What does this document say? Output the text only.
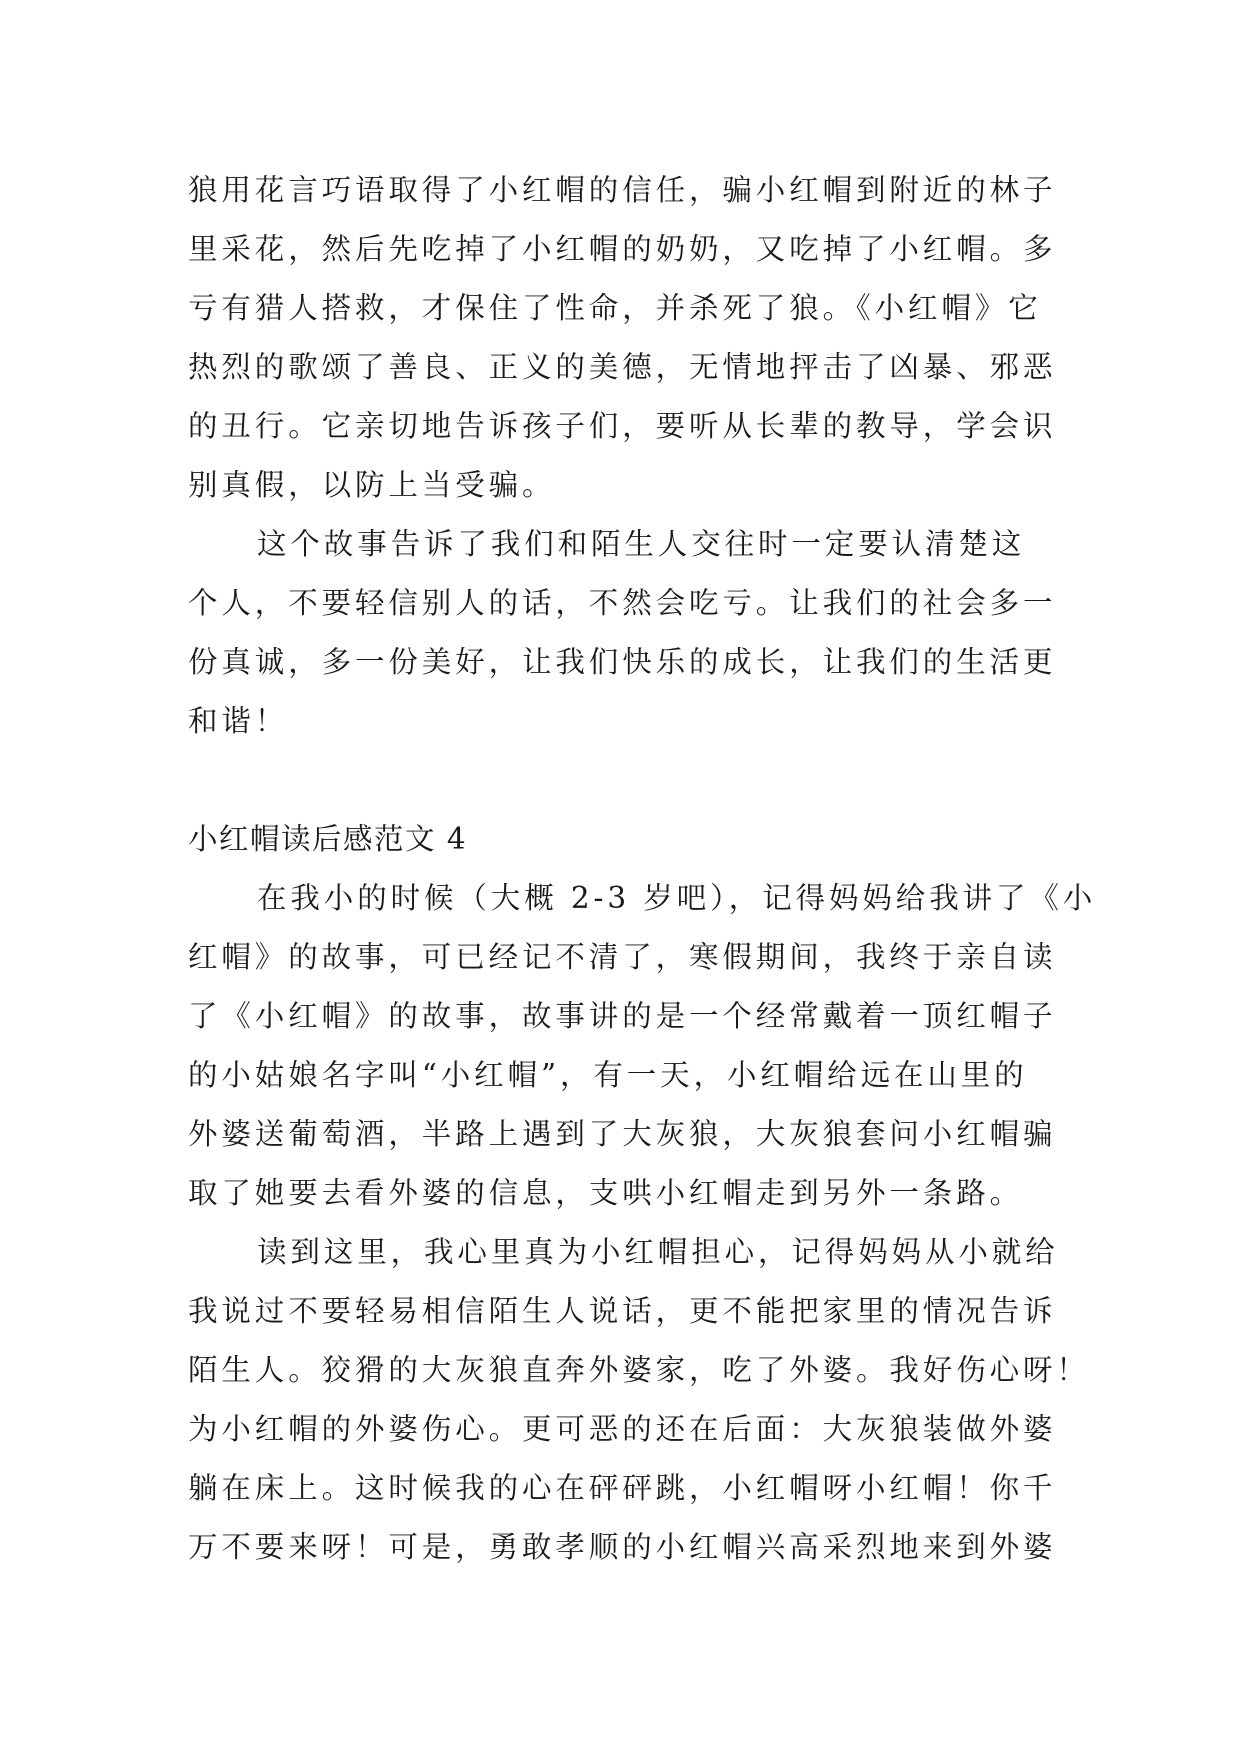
狼用花言巧语取得了小红帽的信任，骗小红帽到附近的林子
里采花，然后先吃掉了小红帽的奶奶，又吃掉了小红帽。多
亏有猎人搭救，才保住了性命，并杀死了狼。《小红帽》它
热烈的歌颂了善良、正义的美德，无情地抨击了凶暴、邪恶
的丑行。它亲切地告诉孩子们，要听从长辈的教导，学会识
别真假，以防上当受骗。
这个故事告诉了我们和陌生人交往时一定要认清楚这
个人，不要轻信别人的话，不然会吃亏。让我们的社会多一
份真诚，多一份美好，让我们快乐的成长，让我们的生活更
和谐！
小红帽读后感范文 4
在我小的时候（大概 2-3 岁吧），记得妈妈给我讲了《小
红帽》的故事，可已经记不清了，寒假期间，我终于亲自读
了《小红帽》的故事，故事讲的是一个经常戴着一顶红帽子
的小姑娘名字叫“小红帽”，有一天，小红帽给远在山里的
外婆送葡萄酒，半路上遇到了大灰狼，大灰狼套问小红帽骗
取了她要去看外婆的信息，支哄小红帽走到另外一条路。
读到这里，我心里真为小红帽担心，记得妈妈从小就给
我说过不要轻易相信陌生人说话，更不能把家里的情况告诉
陌生人。狡猾的大灰狼直奔外婆家，吃了外婆。我好伤心呀！
为小红帽的外婆伤心。更可恶的还在后面：大灰狼装做外婆
躺在床上。这时候我的心在砰砰跳，小红帽呀小红帽！你千
万不要来呀！可是，勇敢孝顺的小红帽兴高采烈地来到外婆
